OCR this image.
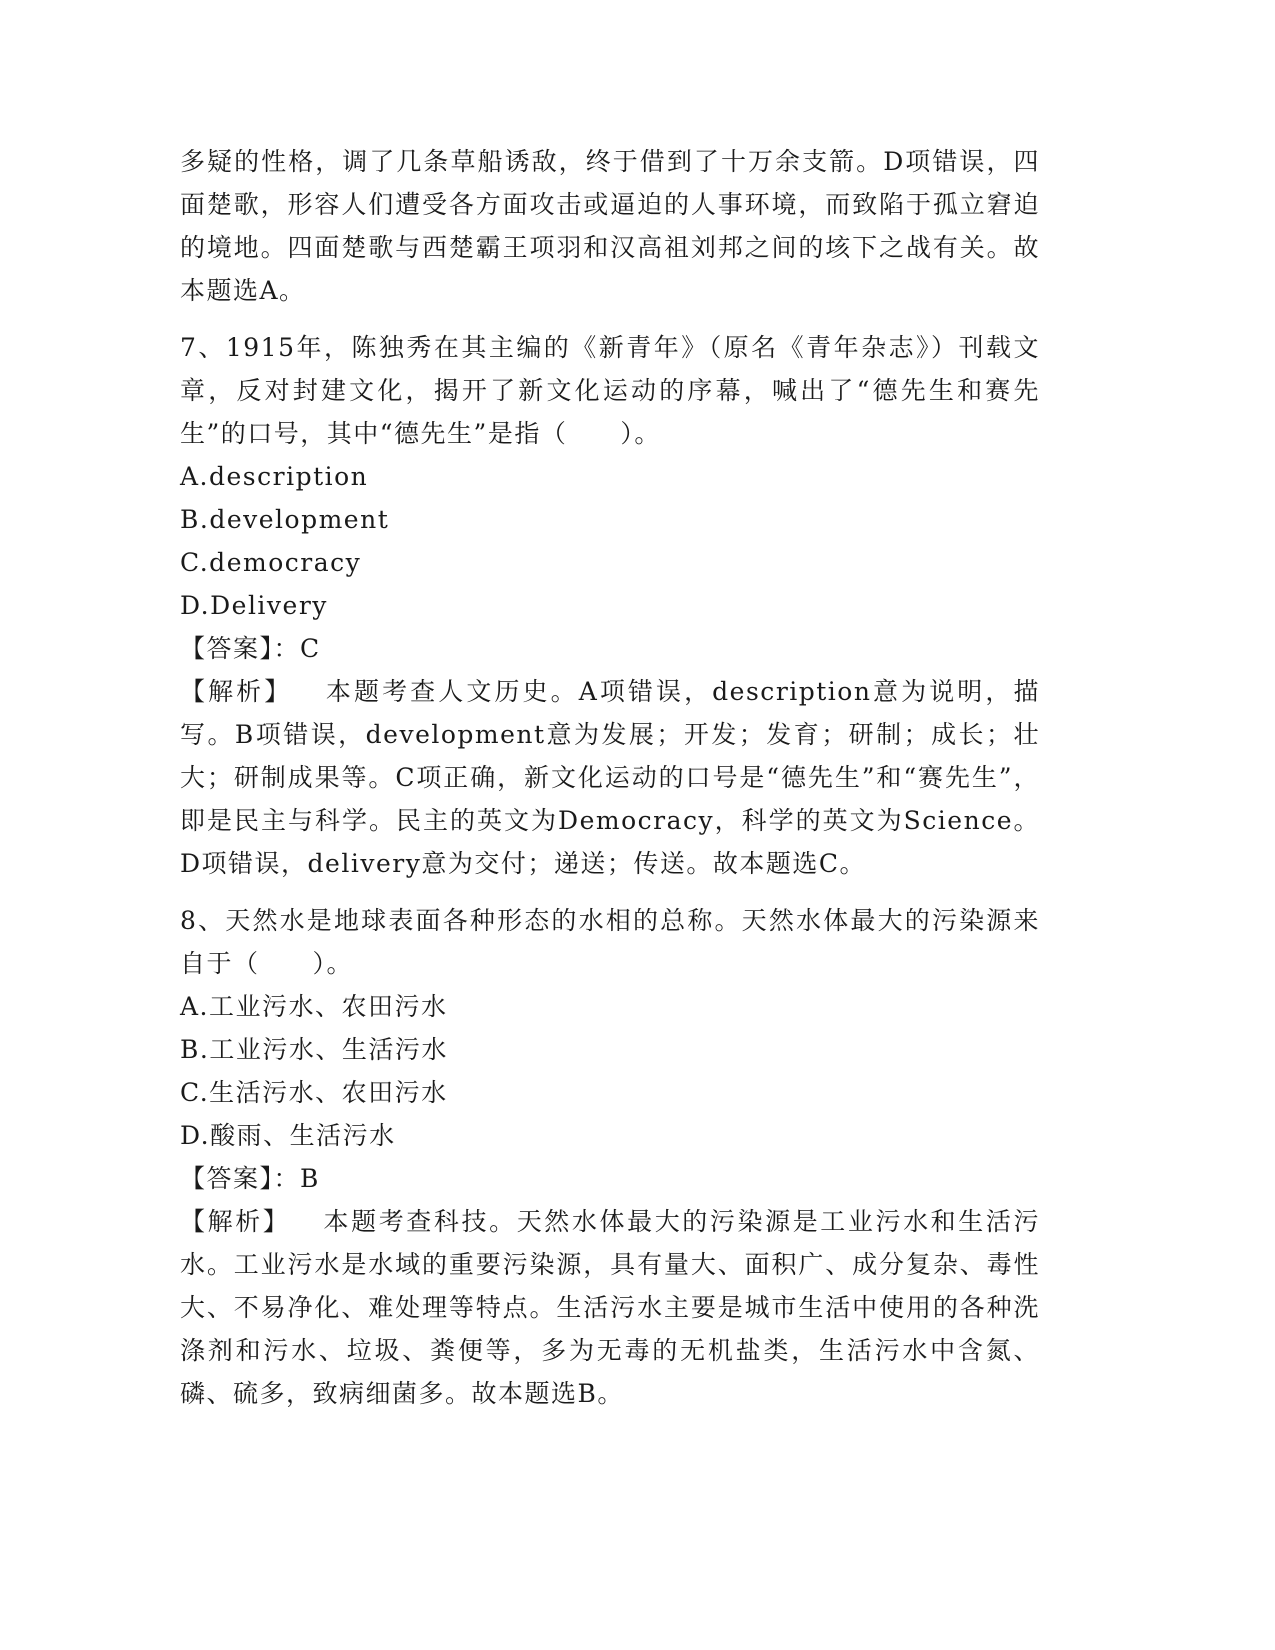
多疑的性格，调了几条草船诱敌，终于借到了十万余支箭。D项错误，四面楚歌，形容人们遭受各方面攻击或逼迫的人事环境，而致陷于孤立窘迫的境地。四面楚歌与西楚霸王项羽和汉高祖刘邦之间的垓下之战有关。故本题选A。

7、1915年，陈独秀在其主编的《新青年》（原名《青年杂志》）刊载文章，反对封建文化，揭开了新文化运动的序幕，喊出了“德先生和赛先生”的口号，其中“德先生”是指（　　）。

A.description

B.development

C.democracy

D.Delivery

【答案】：C

【解析】 本题考查人文历史。A项错误，description意为说明，描写。B项错误，development意为发展；开发；发育；研制；成长；壮大；研制成果等。C项正确，新文化运动的口号是“德先生”和“赛先生”，即是民主与科学。民主的英文为Democracy，科学的英文为Science。D项错误，delivery意为交付；递送；传送。故本题选C。

8、天然水是地球表面各种形态的水相的总称。天然水体最大的污染源来自于（　　）。

A.工业污水、农田污水

B.工业污水、生活污水

C.生活污水、农田污水

D.酸雨、生活污水

【答案】：B

【解析】 本题考查科技。天然水体最大的污染源是工业污水和生活污水。工业污水是水域的重要污染源，具有量大、面积广、成分复杂、毒性大、不易净化、难处理等特点。生活污水主要是城市生活中使用的各种洗涤剂和污水、垃圾、粪便等，多为无毒的无机盐类，生活污水中含氮、磷、硫多，致病细菌多。故本题选B。
